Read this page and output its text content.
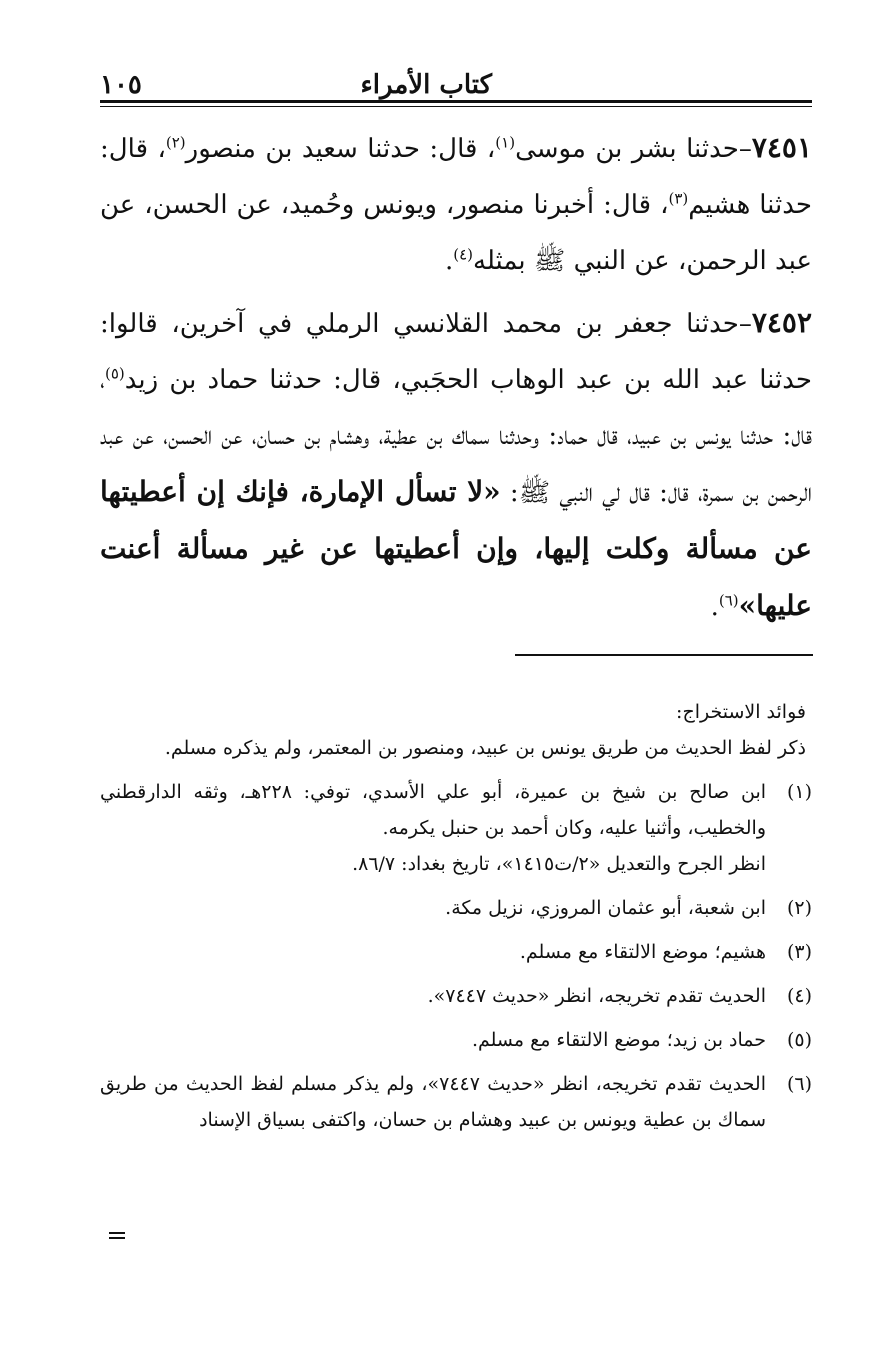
كتاب الأمراء
١٠٥

٧٤٥١–حدثنا بشر بن موسى$^{(١)}$، قال: حدثنا سعيد بن منصور$^{(٢)}$، قال: حدثنا هشيم$^{(٣)}$، قال: أخبرنا منصور، ويونس وحُميد، عن الحسن، عن عبد الرحمن، عن النبي ﷺ بمثله$^{(٤)}$.

٧٤٥٢–حدثنا جعفر بن محمد القلانسي الرملي في آخرين، قالوا: حدثنا عبد الله بن عبد الوهاب الحجَبي، قال: حدثنا حماد بن زيد$^{(٥)}$، قال: حدثنا يونس بن عبيد، قال حماد: وحدثنا سماك بن عطية، وهشام بن حسان، عن الحسن، عن عبد الرحمن بن سمرة، قال: قال لي النبي ﷺ: «لا تسأل الإمارة، فإنك إن أعطيتها عن مسألة وكلت إليها، وإن أعطيتها عن غير مسألة أعنت عليها»$^{(٦)}$.

فوائد الاستخراج:

ذكر لفظ الحديث من طريق يونس بن عبيد، ومنصور بن المعتمر، ولم يذكره مسلم.

(١)
ابن صالح بن شيخ بن عميرة، أبو علي الأسدي، توفي: ٢٢٨هـ، وثقه الدارقطني والخطيب، وأثنيا عليه، وكان أحمد بن حنبل يكرمه.

انظر الجرح والتعديل «٢/ت١٤١٥»، تاريخ بغداد: ٨٦/٧.

(٢)
ابن شعبة، أبو عثمان المروزي، نزيل مكة.
(٣)
هشيم؛ موضع الالتقاء مع مسلم.
(٤)
الحديث تقدم تخريجه، انظر «حديث ٧٤٤٧».
(٥)
حماد بن زيد؛ موضع الالتقاء مع مسلم.
(٦)
الحديث تقدم تخريجه، انظر «حديث ٧٤٤٧»، ولم يذكر مسلم لفظ الحديث من طريق سماك بن عطية ويونس بن عبيد وهشام بن حسان، واكتفى بسياق الإسناد
